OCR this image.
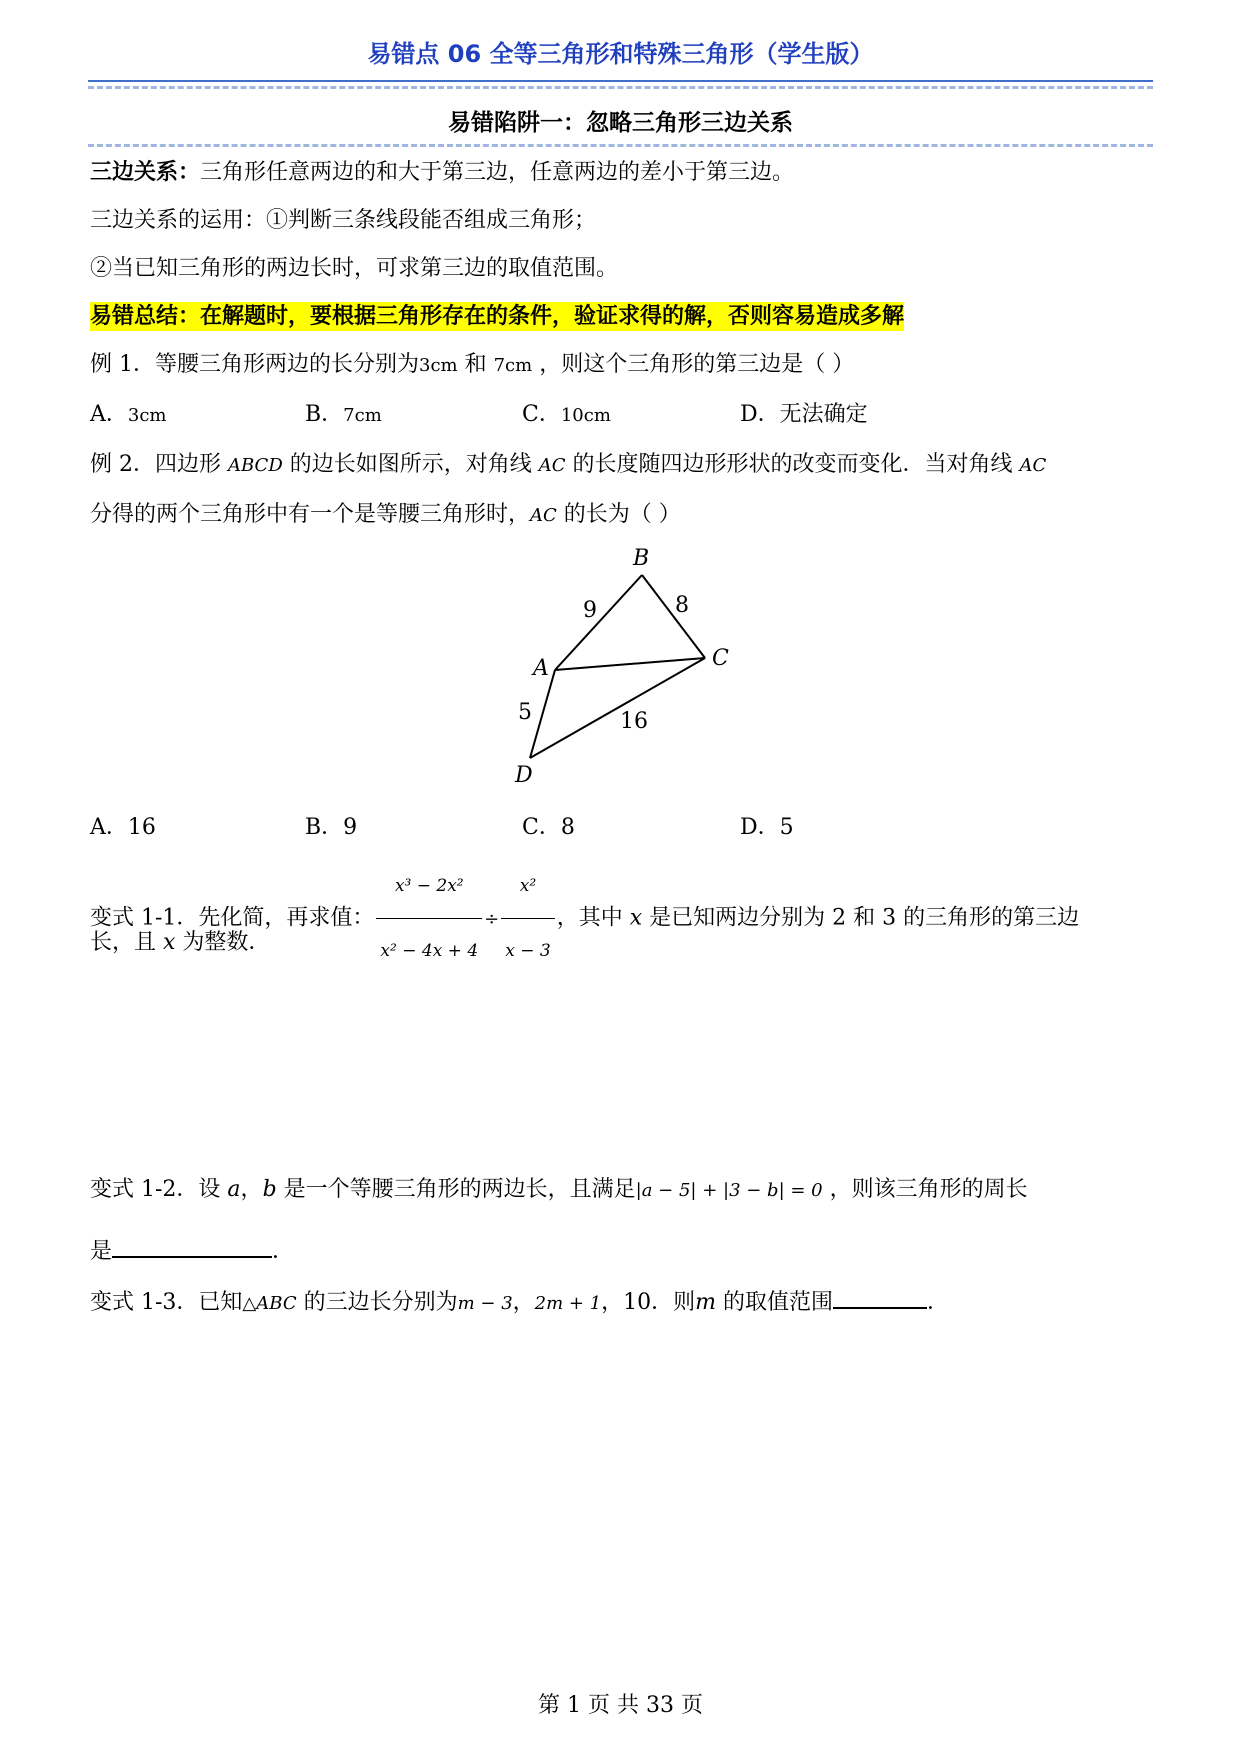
易错点 06 全等三角形和特殊三角形（学生版）
易错陷阱一：忽略三角形三边关系
三边关系：三角形任意两边的和大于第三边，任意两边的差小于第三边。
三边关系的运用：①判断三条线段能否组成三角形；
②当已知三角形的两边长时，可求第三边的取值范围。
易错总结：在解题时，要根据三角形存在的条件，验证求得的解，否则容易造成多解
例 1．等腰三角形两边的长分别为3cm 和 7cm ，则这个三角形的第三边是（ ）
A．3cm	B．7cm	C．10cm	D．无法确定
例 2．四边形 ABCD 的边长如图所示，对角线 AC 的长度随四边形形状的改变而变化．当对角线 AC
分得的两个三角形中有一个是等腰三角形时，AC 的长为（ ）
B
A	C
D
9	8
5	16
A．16	B．9	C．8	D．5
变式 1-1．先化简，再求值： $\frac{\text{x³ − 2x²}}{\text{x² − 4x + 4}} \div \frac{\text{x²}}{x - 3}$ ，其中 x 是已知两边分别为 2 和 3 的三角形的第三边
长，且 x 为整数．
变式 1-2．设 a，b 是一个等腰三角形的两边长，且满足|a − 5| + |3 − b| = 0 ，则该三角形的周长
是	．
变式 1-3．已知△ABC 的三边长分别为m − 3，2m + 1，10．则m 的取值范围	．
第 1 页 共 33 页
